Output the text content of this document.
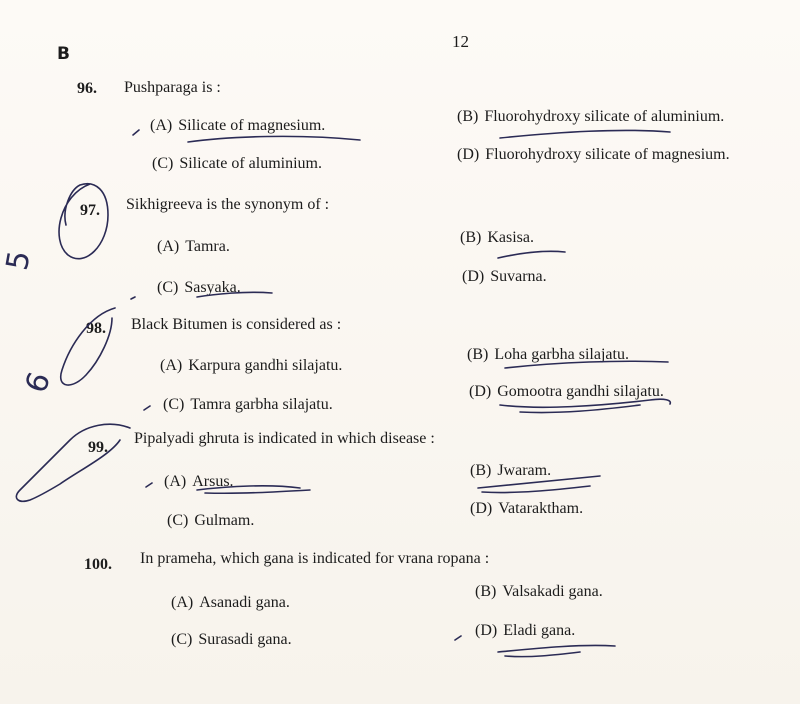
B
12
96. Pushparaga is :
(A) Silicate of magnesium.
(B) Fluorohydroxy silicate of aluminium.
(C) Silicate of aluminium.
(D) Fluorohydroxy silicate of magnesium.
97. Sikhigreeva is the synonym of :
(A) Tamra.
(B) Kasisa.
(C) Sasyaka.
(D) Suvarna.
98. Black Bitumen is considered as :
(A) Karpura gandhi silajatu.
(B) Loha garbha silajatu.
(C) Tamra garbha silajatu.
(D) Gomootra gandhi silajatu.
99.
Pipalyadi ghruta is indicated in which disease :
(A) Arsus.
(B) Jwaram.
(C) Gulmam.
(D) Vataraktham.
100. In prameha, which gana is indicated for vrana ropana :
(A) Asanadi gana.
(B) Valsakadi gana.
(C) Surasadi gana.
(D) Eladi gana.
5
6
